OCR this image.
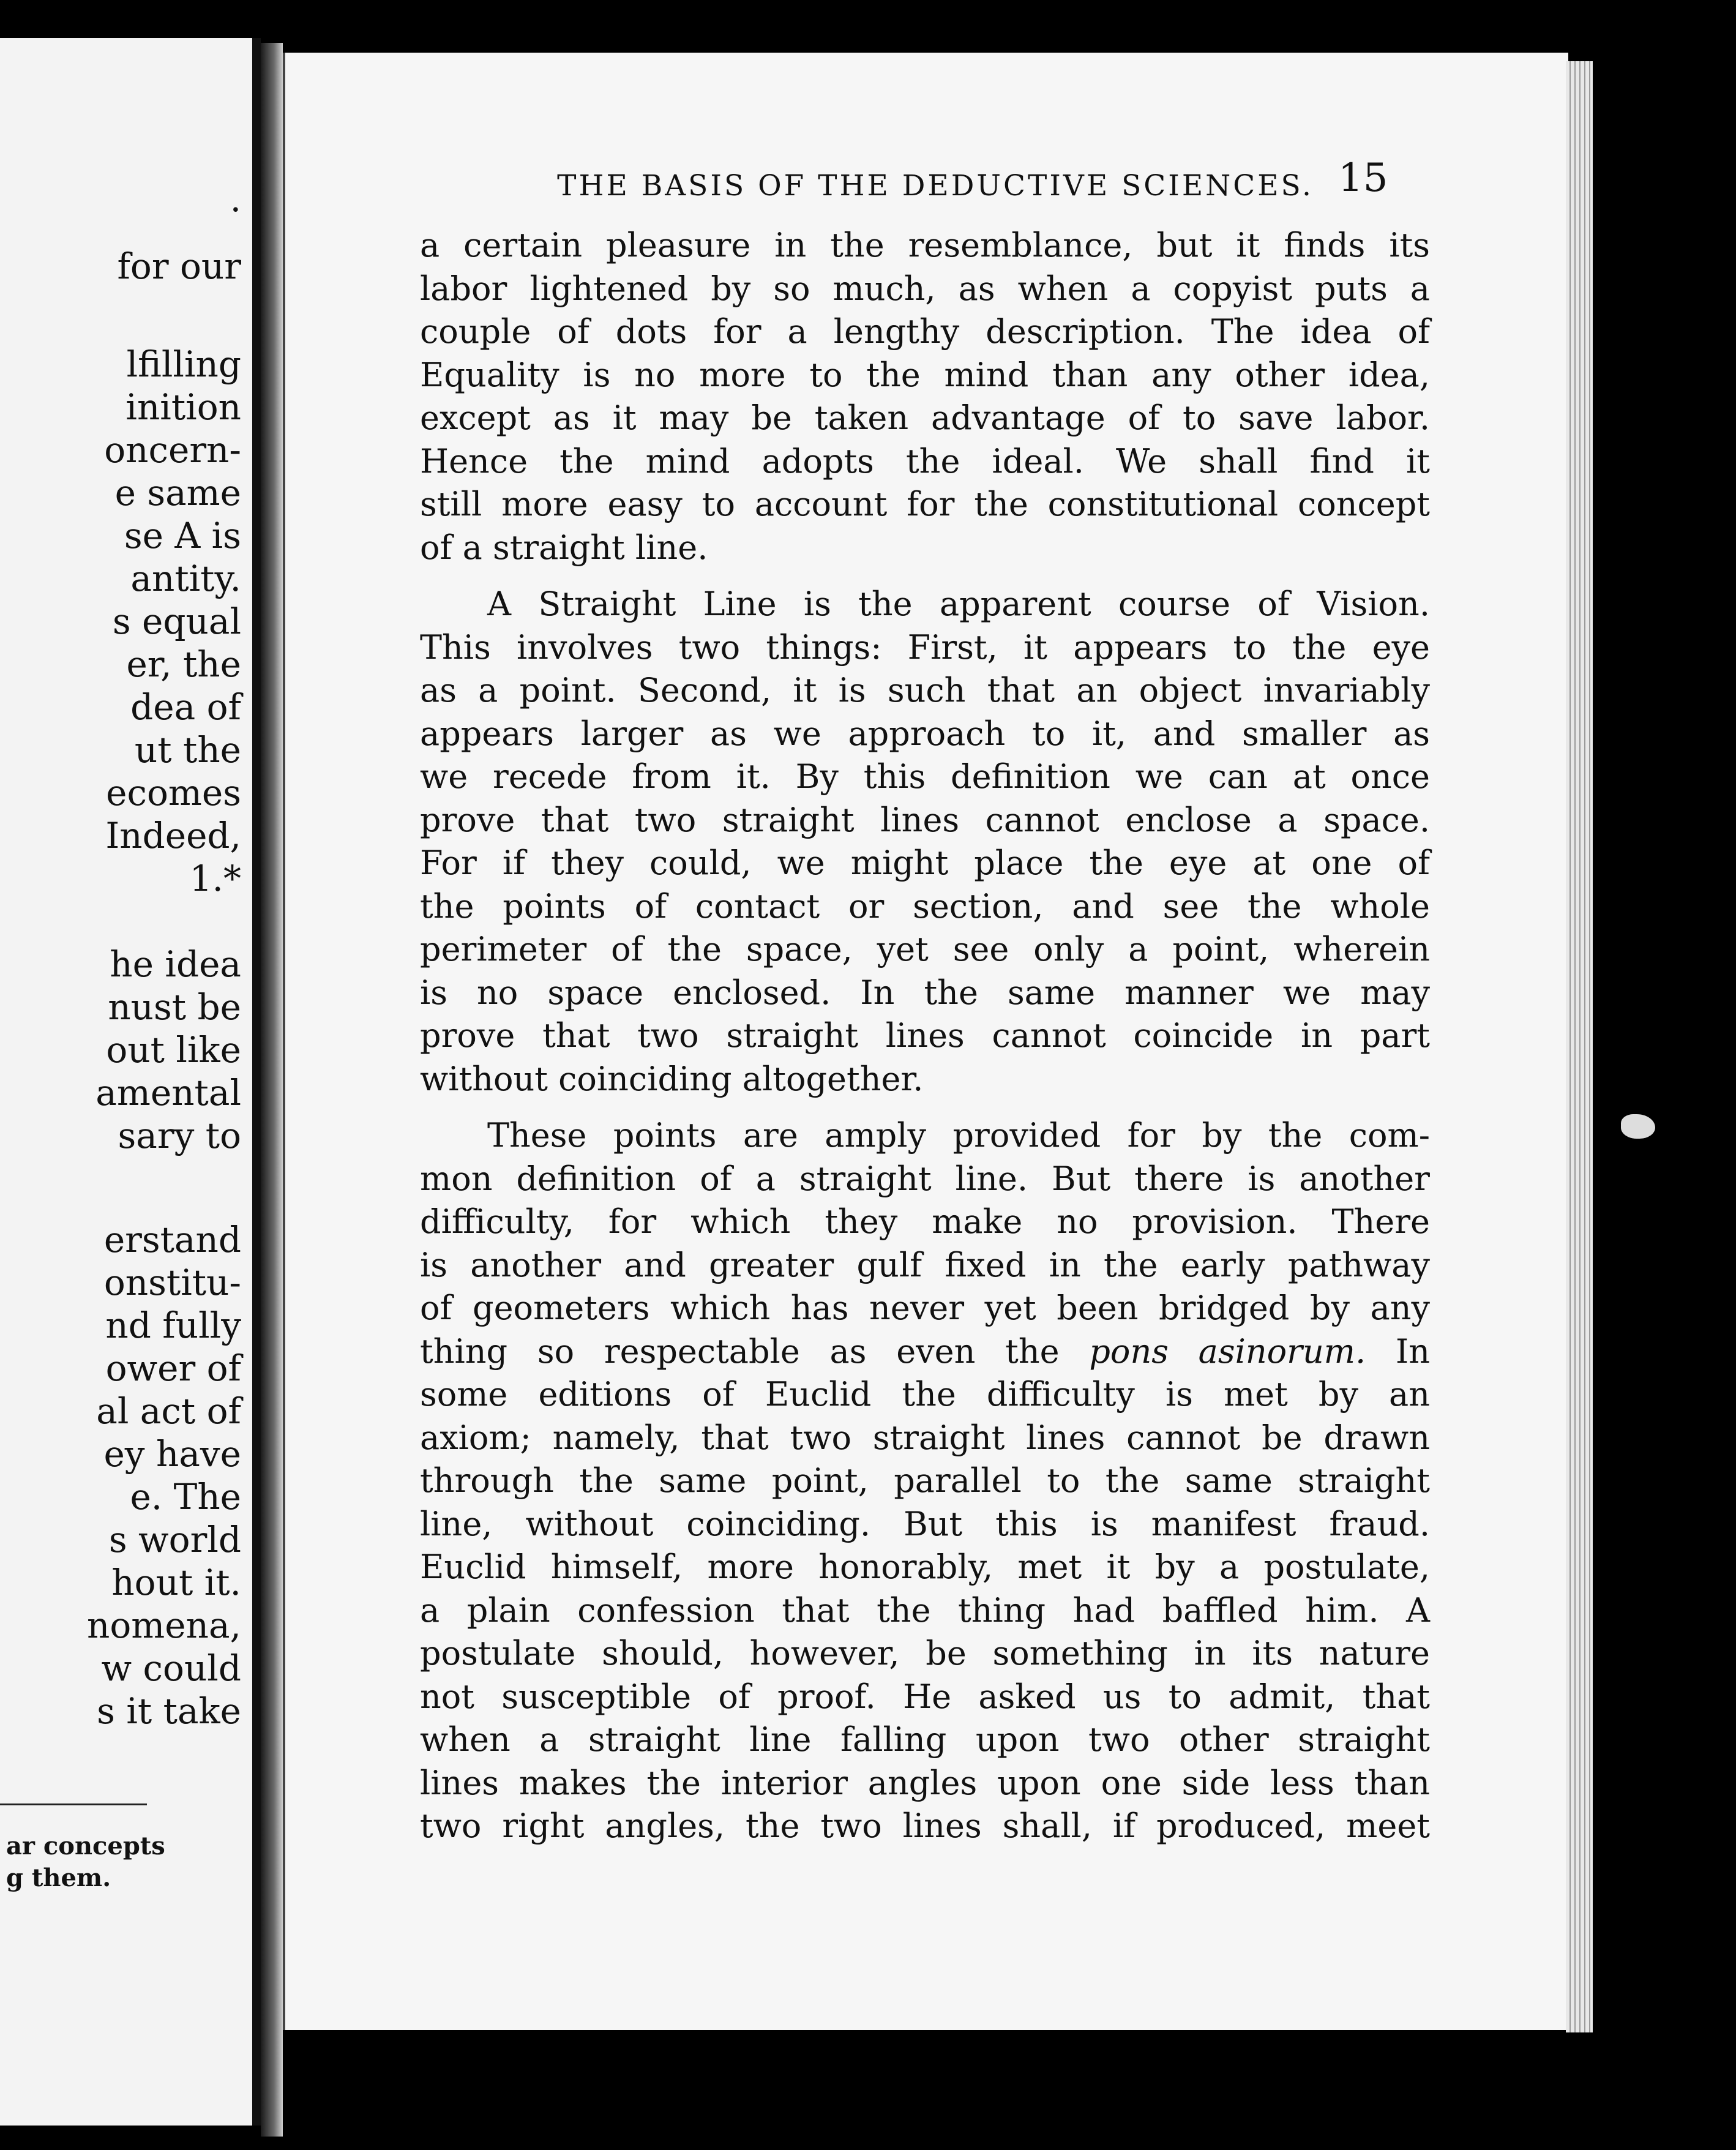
.
for our
lfilling
inition
oncern-
e same
se A is
antity.
s equal
er, the
dea of
ut the
ecomes
Indeed,
1.*
he idea
nust be
out like
amental
sary to
erstand
onstitu-
nd fully
ower of
al act of
ey have
e. The
s world
hout it.
nomena,
w could
s it take
ar concepts
g them.
THE BASIS OF THE DEDUCTIVE SCIENCES. 15
a certain pleasure in the resemblance, but it finds its
labor lightened by so much, as when a copyist puts a
couple of dots for a lengthy description. The idea of
Equality is no more to the mind than any other idea,
except as it may be taken advantage of to save labor.
Hence the mind adopts the ideal. We shall find it
still more easy to account for the constitutional concept
of a straight line.
A Straight Line is the apparent course of Vision.
This involves two things: First, it appears to the eye
as a point. Second, it is such that an object invariably
appears larger as we approach to it, and smaller as
we recede from it. By this definition we can at once
prove that two straight lines cannot enclose a space.
For if they could, we might place the eye at one of
the points of contact or section, and see the whole
perimeter of the space, yet see only a point, wherein
is no space enclosed. In the same manner we may
prove that two straight lines cannot coincide in part
without coinciding altogether.
These points are amply provided for by the com-
mon definition of a straight line. But there is another
difficulty, for which they make no provision. There
is another and greater gulf fixed in the early pathway
of geometers which has never yet been bridged by any
thing so respectable as even the pons asinorum. In
some editions of Euclid the difficulty is met by an
axiom; namely, that two straight lines cannot be drawn
through the same point, parallel to the same straight
line, without coinciding. But this is manifest fraud.
Euclid himself, more honorably, met it by a postulate,
a plain confession that the thing had baffled him. A
postulate should, however, be something in its nature
not susceptible of proof. He asked us to admit, that
when a straight line falling upon two other straight
lines makes the interior angles upon one side less than
two right angles, the two lines shall, if produced, meet
